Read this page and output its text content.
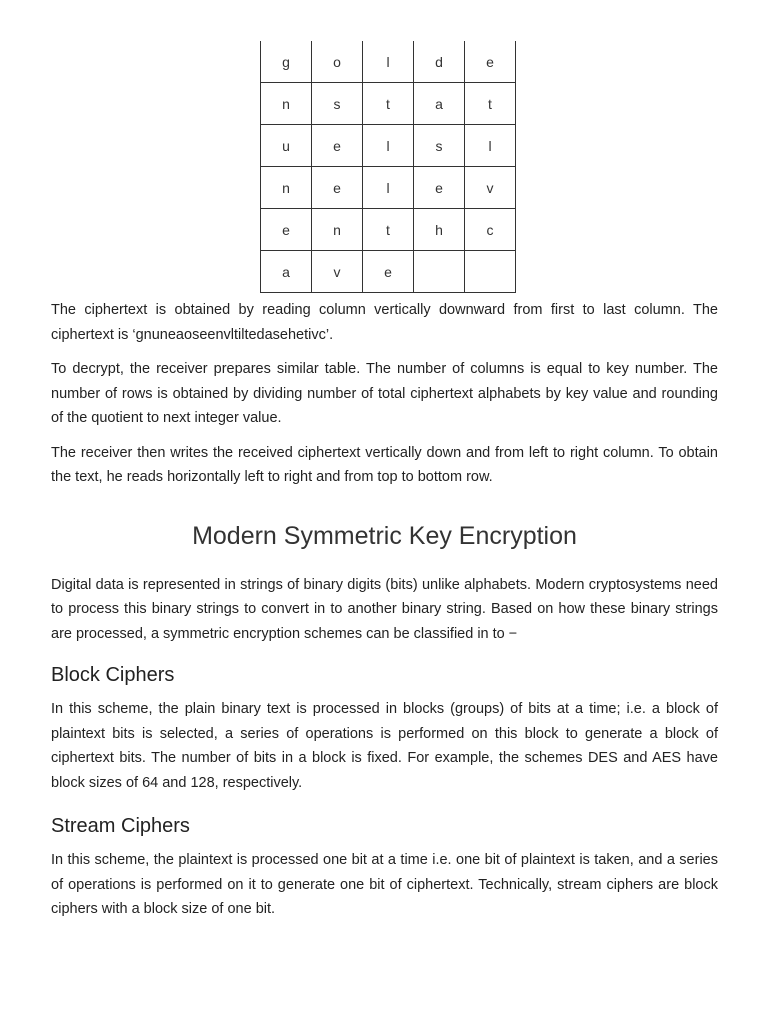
g	o	l	d	e
n	s	t	a	t
u	e	l	s	l
n	e	l	e	v
e	n	t	h	c
a	v	e		

The ciphertext is obtained by reading column vertically downward from first to last column. The ciphertext is ‘gnuneaoseenvltiltedasehetivc’.

To decrypt, the receiver prepares similar table. The number of columns is equal to key number. The number of rows is obtained by dividing number of total ciphertext alphabets by key value and rounding of the quotient to next integer value.

The receiver then writes the received ciphertext vertically down and from left to right column. To obtain the text, he reads horizontally left to right and from top to bottom row.

Modern Symmetric Key Encryption

Digital data is represented in strings of binary digits (bits) unlike alphabets. Modern cryptosystems need to process this binary strings to convert in to another binary string. Based on how these binary strings are processed, a symmetric encryption schemes can be classified in to −

Block Ciphers

In this scheme, the plain binary text is processed in blocks (groups) of bits at a time; i.e. a block of plaintext bits is selected, a series of operations is performed on this block to generate a block of ciphertext bits. The number of bits in a block is fixed. For example, the schemes DES and AES have block sizes of 64 and 128, respectively.

Stream Ciphers

In this scheme, the plaintext is processed one bit at a time i.e. one bit of plaintext is taken, and a series of operations is performed on it to generate one bit of ciphertext. Technically, stream ciphers are block ciphers with a block size of one bit.
